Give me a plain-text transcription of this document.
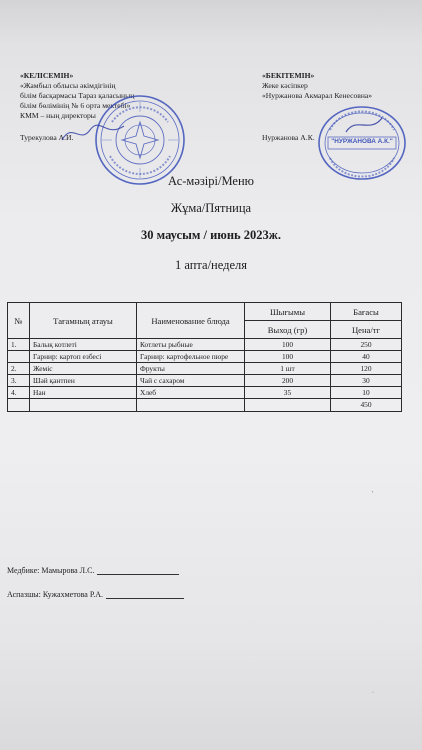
«КЕЛІСЕМІН»
«Жамбыл облысы әкімдігінің
білім басқармасы Тараз қаласының
білім бөлімінің № 6 орта мектебі»
КММ – ның директоры
Турекулова А.И.
«БЕКІТЕМІН»
Жеке кәсіпкер
«Нуржанова Акмарал Кенесовна»
Нуржанова А.К.	"НУРЖАНОВА А.К."
Ас-мәзірі/Меню
Жұма/Пятница
30 маусым / июнь 2023ж.
1 апта/неделя
№	Тағамның атауы	Наименование блюда	Шығымы	Бағасы
			Выход (гр)	Цена/тг
1.	Балық котлеті	Котлеты рыбные	100	250
	Гарнир: картоп езбесі	Гарнир: картофельное пюре	100	40
2.	Жеміс	Фрукты	1 шт	120
3.	Шәй қантпен	Чай с сахаром	200	30
4.	Нан	Хлеб	35	10
				450
Медбике: Мамырова Л.С.
Аспазшы: Кужахметова Р.А.
'
·
